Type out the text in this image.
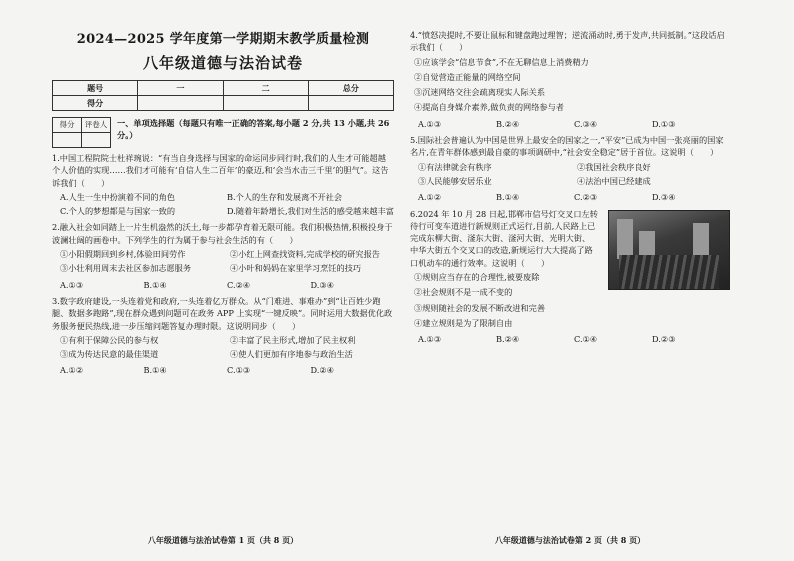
2024—2025 学年度第一学期期末教学质量检测
八年级道德与法治试卷
题号	一	二	总分
得分			
得分	评卷人
	一、单项选择题（每题只有唯一正确的答案,每小题 2 分,共 13 小题,共 26 分。）
1.中国工程院院士杜祥琬说：“有当自身选择与国家的命运同步同行时,我们的人生才可能超越个人价值的实现……我们才可能有‘自信人生二百年’的豪迈,和‘会当水击三千里’的胆气”。这告诉我们（　　）
A.人生一生中扮演着不同的角色	B.个人的生存和发展离不开社会
C.个人的梦想都是与国家一致的	D.随着年龄增长,我们对生活的感受越来越丰富
2.融入社会如同踏上一片生机盎然的沃土,每一步都孕育着无限可能。我们积极热情,积极投身于波澜壮阔的画卷中。下列学生的行为属于参与社会生活的有（　　）
①小阳假期回到乡村,体验田间劳作	②小红上网查找资料,完成学校的研究报告
③小壮利用周末去社区参加志愿服务	④小叶和妈妈在家里学习烹饪的技巧
A.①③	B.①④	C.②④	D.③④
3.数字政府建设,一头连着党和政府,一头连着亿万群众。从“门难进、事难办”到“让百姓少跑腿、数据多跑路”,现在群众遇到问题可在政务 APP 上实现“一键反映”。同时运用大数据优化政务服务便民热线,进一步压缩问题答复办理时限。这说明同步（　　）
①有利于保障公民的参与权	②丰富了民主形式,增加了民主权利
③成为传达民意的最佳渠道	④使人们更加有序地参与政治生活
A.①②	B.①④	C.①③	D.②④
八年级道德与法治试卷第 1 页（共 8 页）
4.“愤怒决提时,不要让鼠标和键盘跑过理智；逆流涌动时,勇于发声,共同抵制。”这段话启示我们（　　）
①应该学会“信息节食”,不在无聊信息上消费精力
②自觉营造正能量的网络空间
③沉迷网络交往会疏离现实人际关系
④提高自身媒介素养,做负责的网络参与者
A.①③	B.②④	C.③④	D.①③
5.国际社会普遍认为中国是世界上最安全的国家之一,“平安”已成为中国一张亮丽的国家名片,在青年群体感到最自豪的事项调研中,“社会安全稳定”居于首位。这说明（　　）
①有法律就会有秩序	②我国社会秩序良好
③人民能够安居乐业	④法治中国已经建成
A.①②	B.①④	C.②③	D.③④
6.2024 年 10 月 28 日起,邯郸市信号灯交叉口左转待行可变车道进行新规则正式运行,目前,人民路上已完成东柳大街、滏东大街、滏河大街、光明大街、中华大街五个交叉口的改造,新规运行大大提高了路口机动车的通行效率。这说明（　　）
①规则应当存在的合理性,被要废除
②社会规则不是一成不变的
③规则随社会的发展不断改进和完善
④建立规则是为了限制自由
A.①③	B.②④	C.①④	D.②③
八年级道德与法治试卷第 2 页（共 8 页）
